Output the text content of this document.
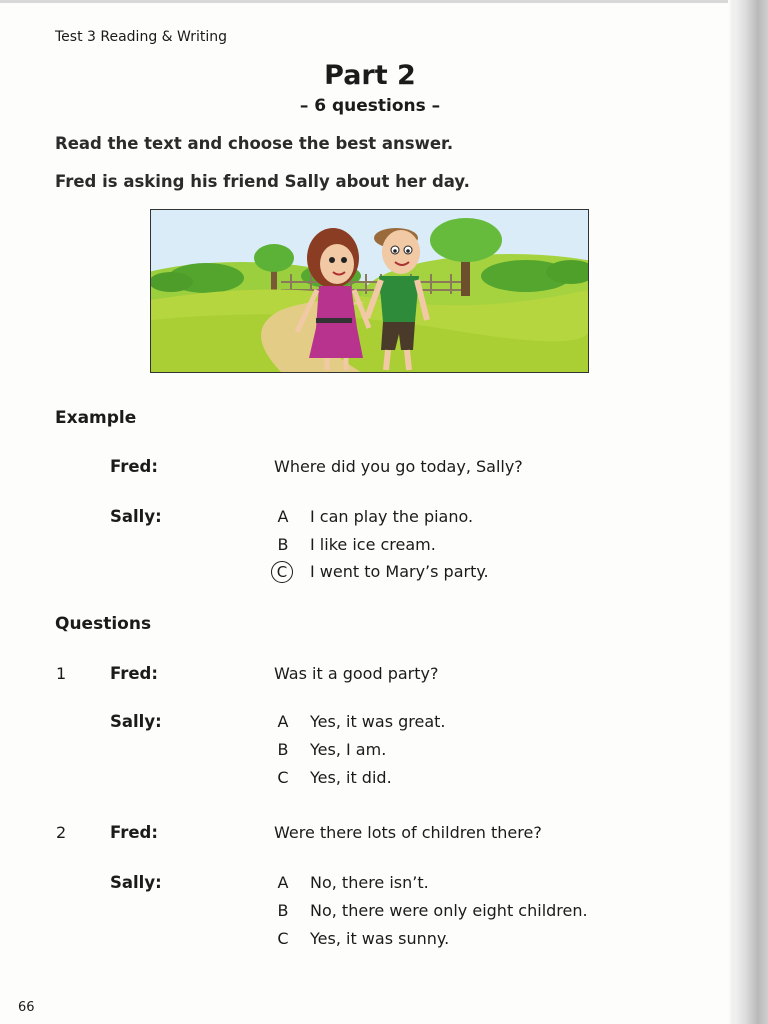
Test 3 Reading & Writing
Part 2
– 6 questions –
Read the text and choose the best answer.
Fred is asking his friend Sally about her day.
Example
Fred:	Where did you go today, Sally?
Sally:	A I can play the piano.
B I like ice cream.
C	I went to Mary’s party.
Questions
1	Fred:	Was it a good party?
Sally:	A Yes, it was great.
B Yes, I am.
C Yes, it did.
2	Fred:	Were there lots of children there?
Sally:	A No, there isn’t.
B No, there were only eight children.
C Yes, it was sunny.
66
